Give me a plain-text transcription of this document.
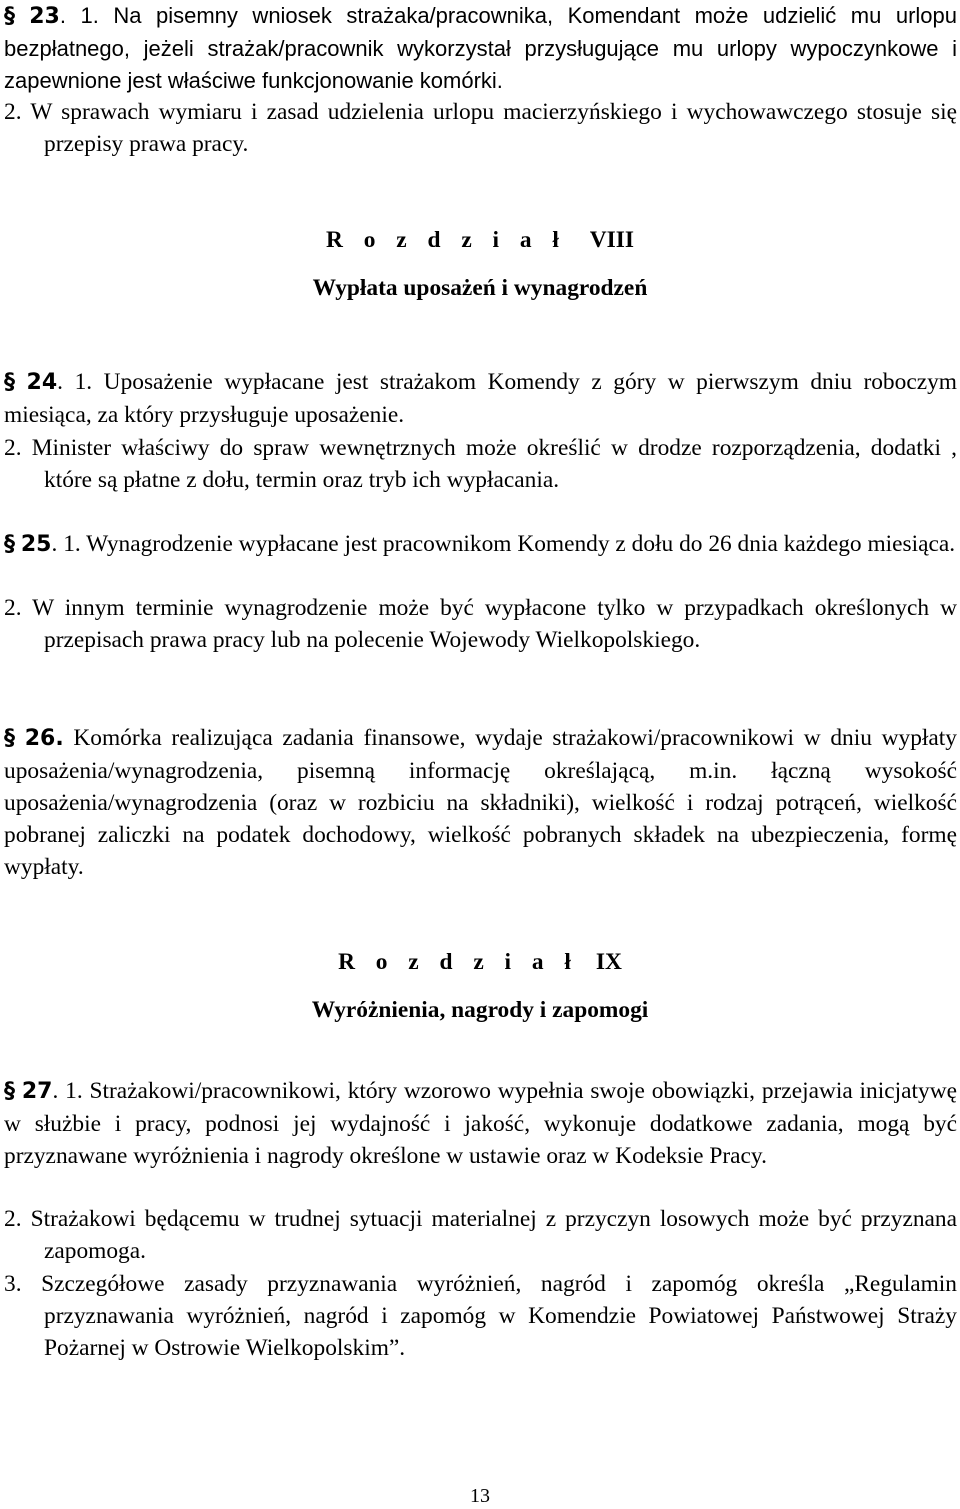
§ 23. 1. Na pisemny wniosek strażaka/pracownika, Komendant może udzielić mu urlopu bezpłatnego, jeżeli strażak/pracownik wykorzystał przysługujące mu urlopy wypoczynkowe i zapewnione jest właściwe funkcjonowanie komórki.
2. W sprawach wymiaru i zasad udzielenia urlopu macierzyńskiego i wychowawczego stosuje się przepisy prawa pracy.
R o z d z i a ł VIII
Wypłata uposażeń i wynagrodzeń
§ 24. 1. Uposażenie wypłacane jest strażakom Komendy z góry w pierwszym dniu roboczym miesiąca, za który przysługuje uposażenie.
2. Minister właściwy do spraw wewnętrznych może określić w drodze rozporządzenia, dodatki , które są płatne z dołu, termin oraz tryb ich wypłacania.
§ 25. 1. Wynagrodzenie wypłacane jest pracownikom Komendy z dołu do 26 dnia każdego miesiąca.
2. W innym terminie wynagrodzenie może być wypłacone tylko w przypadkach określonych w przepisach prawa pracy lub na polecenie Wojewody Wielkopolskiego.
§ 26. Komórka realizująca zadania finansowe, wydaje strażakowi/pracownikowi w dniu wypłaty uposażenia/wynagrodzenia, pisemną informację określającą, m.in. łączną wysokość uposażenia/wynagrodzenia (oraz w rozbiciu na składniki), wielkość i rodzaj potrąceń, wielkość pobranej zaliczki na podatek dochodowy, wielkość pobranych składek na ubezpieczenia, formę wypłaty.
R o z d z i a ł IX
Wyróżnienia, nagrody i zapomogi
§ 27. 1. Strażakowi/pracownikowi, który wzorowo wypełnia swoje obowiązki, przejawia inicjatywę w służbie i pracy, podnosi jej wydajność i jakość, wykonuje dodatkowe zadania, mogą być przyznawane wyróżnienia i nagrody określone w ustawie oraz w Kodeksie Pracy.
2. Strażakowi będącemu w trudnej sytuacji materialnej z przyczyn losowych może być przyznana zapomoga.
3. Szczegółowe zasady przyznawania wyróżnień, nagród i zapomóg określa „Regulamin przyznawania wyróżnień, nagród i zapomóg w Komendzie Powiatowej Państwowej Straży Pożarnej w Ostrowie Wielkopolskim”.
13
